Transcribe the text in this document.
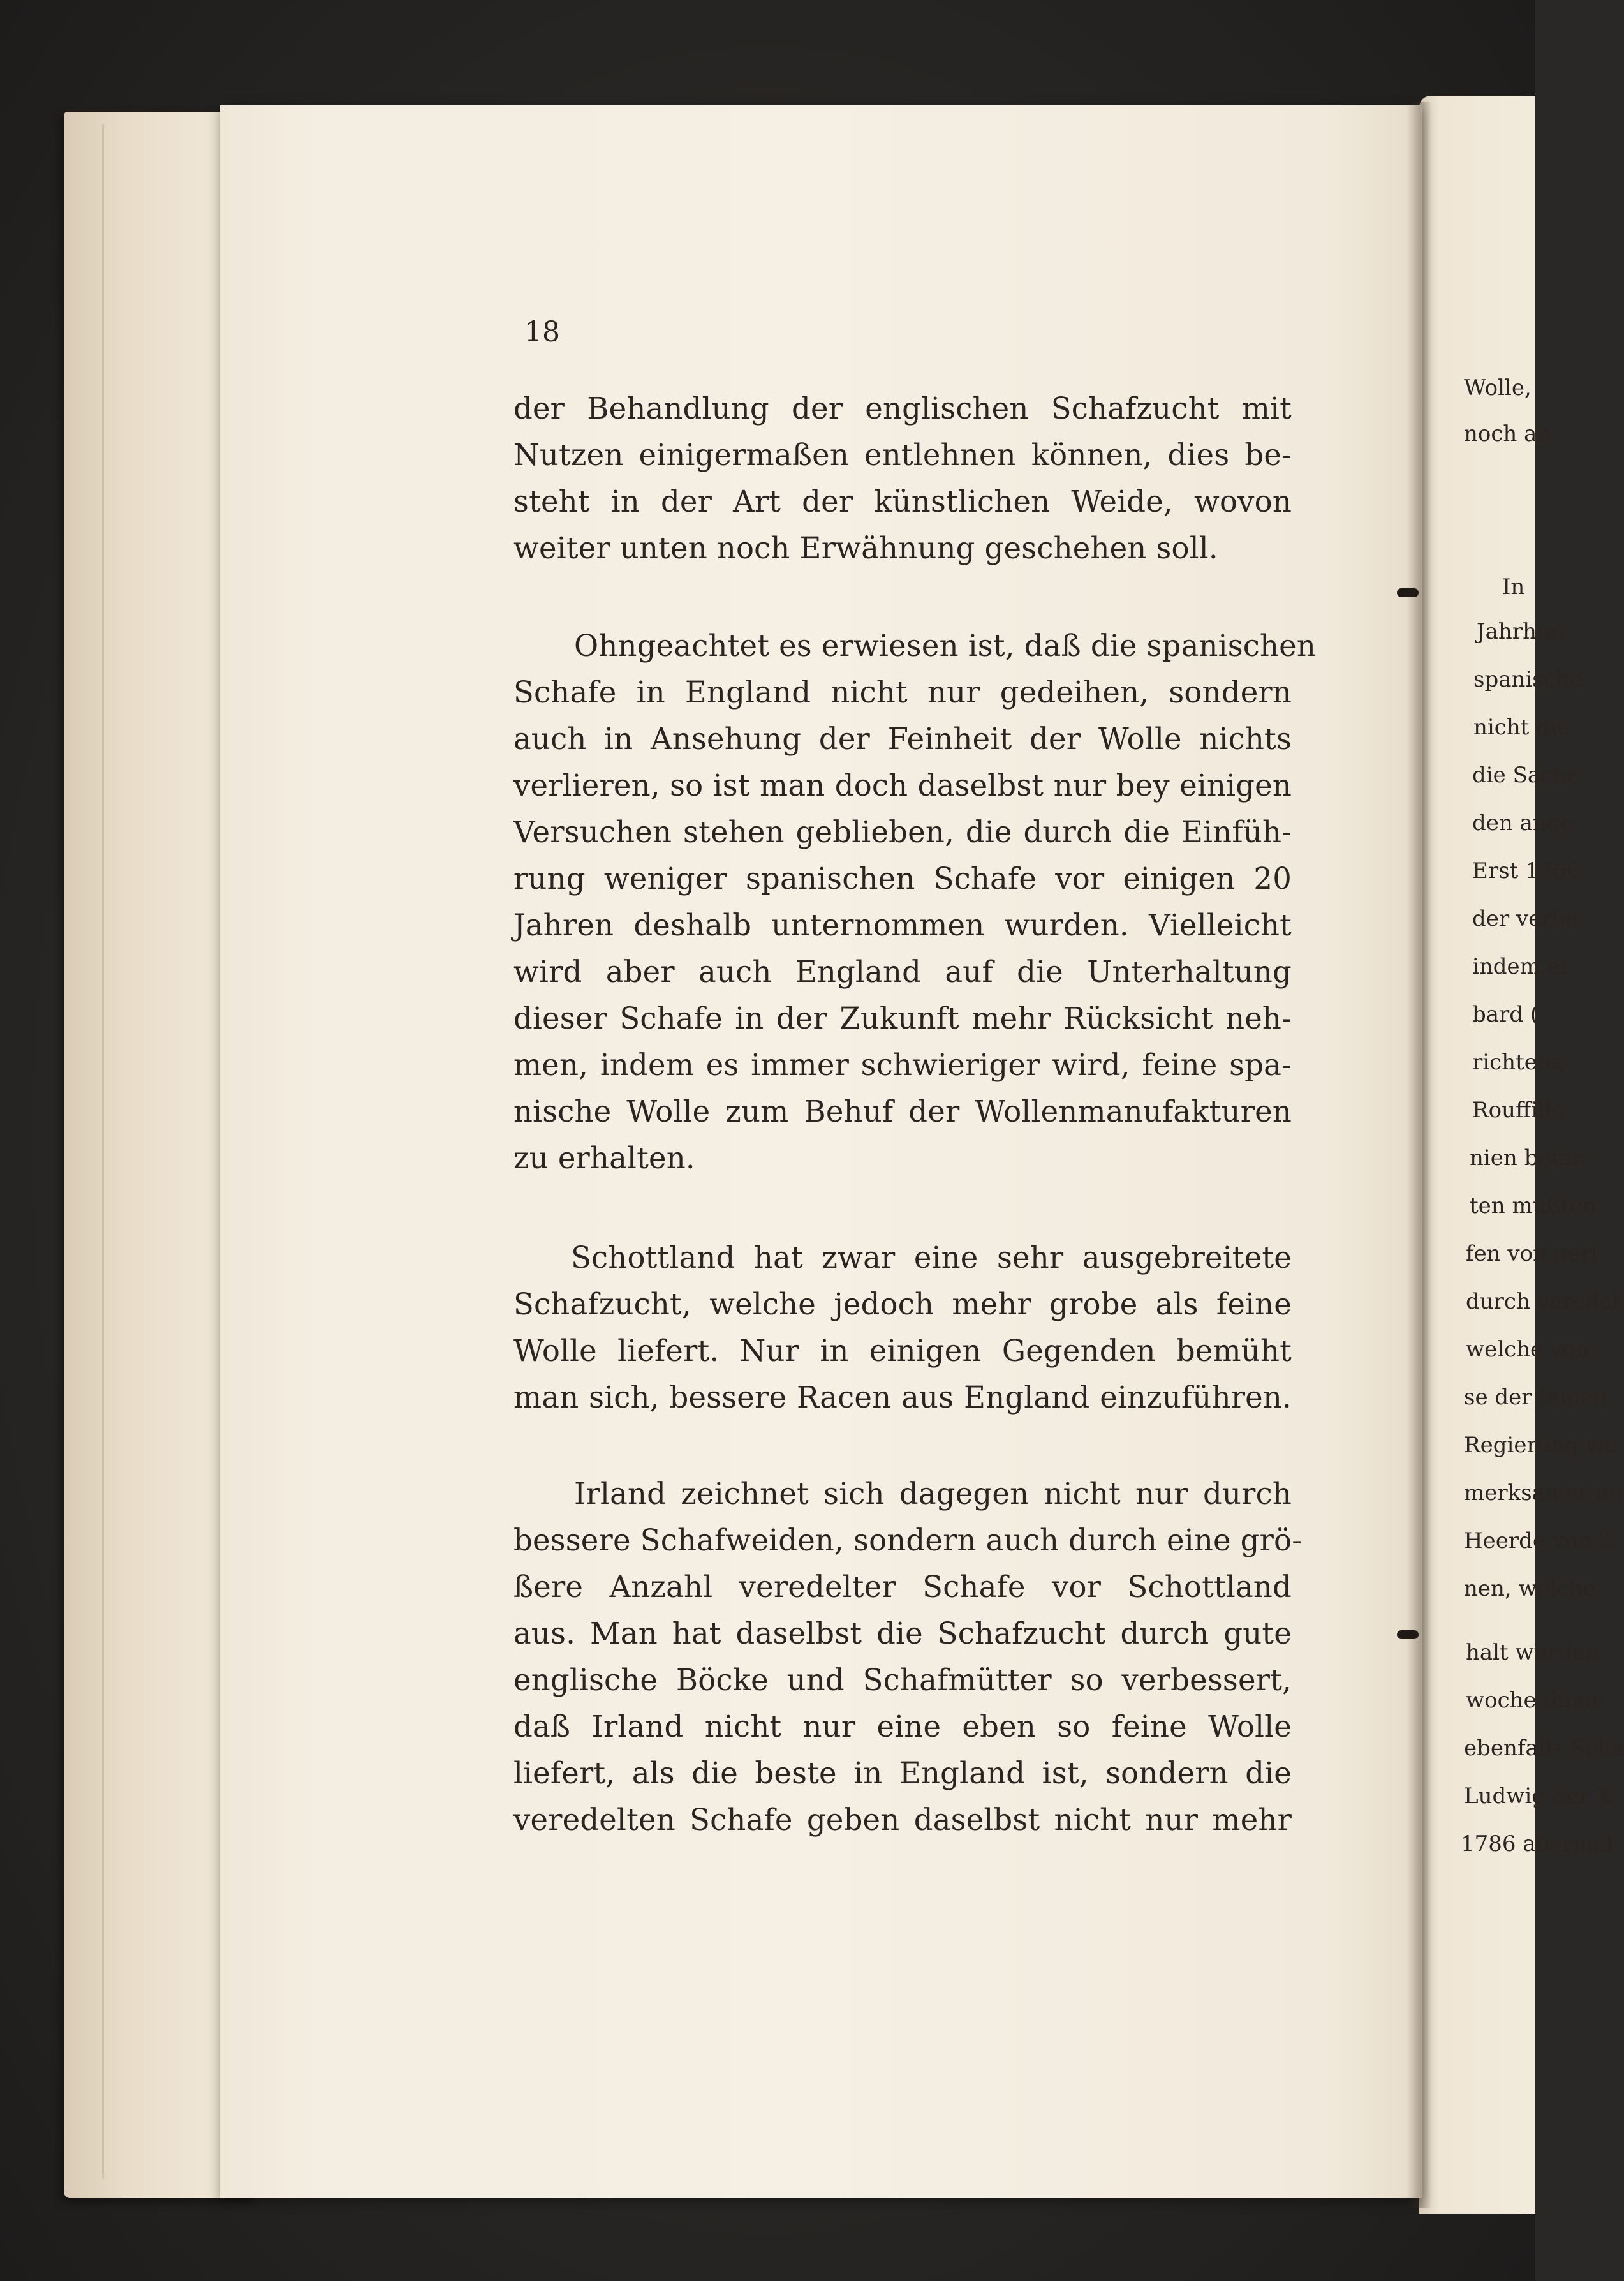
18
der Behandlung der englischen Schafzucht mit
Nutzen einigermaßen entlehnen können, dies be-
steht in der Art der künstlichen Weide, wovon
weiter unten noch Erwähnung geschehen soll.
Ohngeachtet es erwiesen ist, daß die spanischen
Schafe in England nicht nur gedeihen, sondern
auch in Ansehung der Feinheit der Wolle nichts
verlieren, so ist man doch daselbst nur bey einigen
Versuchen stehen geblieben, die durch die Einfüh-
rung weniger spanischen Schafe vor einigen 20
Jahren deshalb unternommen wurden. Vielleicht
wird aber auch England auf die Unterhaltung
dieser Schafe in der Zukunft mehr Rücksicht neh-
men, indem es immer schwieriger wird, feine spa-
nische Wolle zum Behuf der Wollenmanufakturen
zu erhalten.
Schottland hat zwar eine sehr ausgebreitete
Schafzucht, welche jedoch mehr grobe als feine
Wolle liefert. Nur in einigen Gegenden bemüht
man sich, bessere Racen aus England einzuführen.
Irland zeichnet sich dagegen nicht nur durch
bessere Schafweiden, sondern auch durch eine grö-
ßere Anzahl veredelter Schafe vor Schottland
aus. Man hat daselbst die Schafzucht durch gute
englische Böcke und Schafmütter so verbessert,
daß Irland nicht nur eine eben so feine Wolle
liefert, als die beste in England ist, sondern die
veredelten Schafe geben daselbst nicht nur mehr
Wolle,
noch an
In
Jahrhun
spanische
nicht die
die Sache
den ange
Erst 1766
der verbe
indem er
bard (
richtete,
Rouffillo
nien befan
ten mußten
fen von geri
durch veredel
welche von
se der feinen
Regierung wu
merksamer un
Heerde von 2
nen, welche
halt wurden.
woche ihnen
ebenfalls Scha
Ludwig der X
1786 abermal
